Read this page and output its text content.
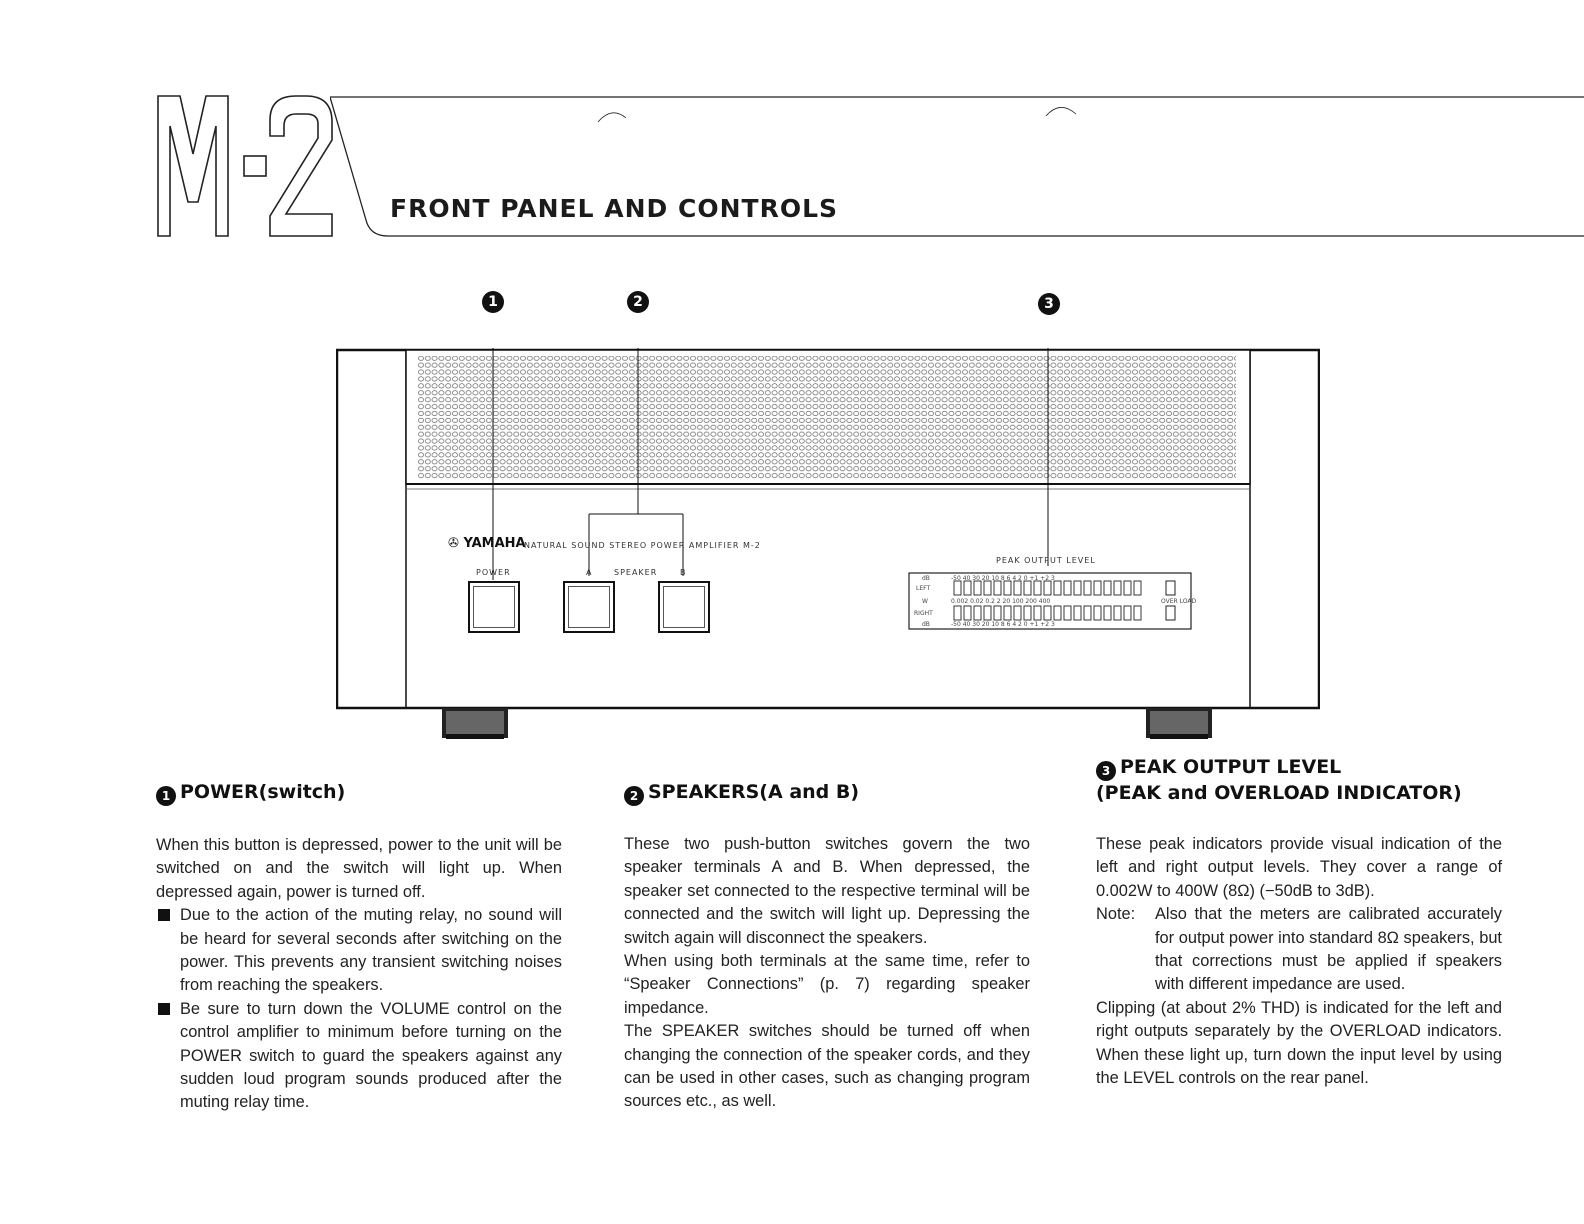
FRONT PANEL AND CONTROLS
1	2	3
✇ YAMAHA
NATURAL SOUND STEREO POWER AMPLIFIER M-2
POWER	A	SPEAKER	B
PEAK OUTPUT LEVEL
dB	-50 40 30 20 10 8 6 4 2 0 +1 +2 3
LEFT
W	0.002 0.02 0.2 2 20 100 200 400	OVER LOAD
RIGHT
dB	-50 40 30 20 10 8 6 4 2 0 +1 +2 3
1 POWER(switch)

When this button is depressed, power to the unit will be switched on and the switch will light up. When depressed again, power is turned off.

Due to the action of the muting relay, no sound will be heard for several seconds after switching on the power. This prevents any transient switching noises from reaching the speakers.

Be sure to turn down the VOLUME control on the control amplifier to minimum before turning on the POWER switch to guard the speakers against any sudden loud program sounds produced after the muting relay time.

2 SPEAKERS(A and B)

These two push-button switches govern the two speaker terminals A and B. When depressed, the speaker set connected to the respective terminal will be connected and the switch will light up. Depressing the switch again will disconnect the speakers.

When using both terminals at the same time, refer to “Speaker Connections” (p. 7) regarding speaker impedance.

The SPEAKER switches should be turned off when changing the connection of the speaker cords, and they can be used in other cases, such as changing program sources etc., as well.

3 PEAK OUTPUT LEVEL
(PEAK and OVERLOAD INDICATOR)

These peak indicators provide visual indication of the left and right output levels. They cover a range of 0.002W to 400W (8Ω) (−50dB to 3dB).

Note: Also that the meters are calibrated accurately for output power into standard 8Ω speakers, but that corrections must be applied if speakers with different impedance are used.

Clipping (at about 2% THD) is indicated for the left and right outputs separately by the OVERLOAD indicators. When these light up, turn down the input level by using the LEVEL controls on the rear panel.
